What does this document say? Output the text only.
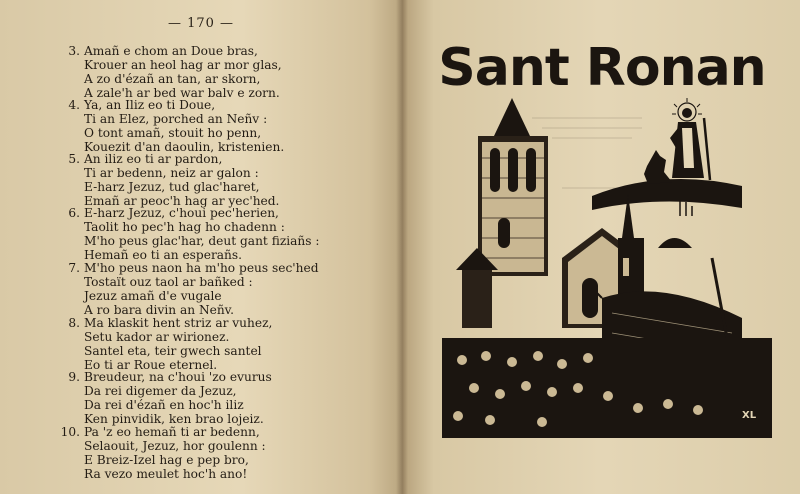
— 170 —
3. Amañ e chom an Doue bras,
Krouer an heol hag ar mor glas,
A zo d'ézañ an tan, ar skorn,
A zale'h ar bed war balv e zorn.
4. Ya, an Iliz eo ti Doue,
Ti an Elez, porched an Neñv :
O tont amañ, stouit ho penn,
Kouezit d'an daoulin, kristenien.
5. An iliz eo ti ar pardon,
Ti ar bedenn, neiz ar galon :
E-harz Jezuz, tud glac'haret,
Emañ ar peoc'h hag ar yec'hed.
6. E-harz Jezuz, c'houi pec'herien,
Taolit ho pec'h hag ho chadenn :
M'ho peus glac'har, deut gant fiziañs :
Hemañ eo ti an esperañs.
7. M'ho peus naon ha m'ho peus sec'hed
Tostaït ouz taol ar bañked :
Jezuz amañ d'e vugale
A ro bara divin an Neñv.
8. Ma klaskit hent striz ar vuhez,
Setu kador ar wirionez.
Santel eta, teir gwech santel
Eo ti ar Roue eternel.
9. Breudeur, na c'houi 'zo evurus
Da rei digemer da Jezuz,
Da rei d'ézañ en hoc'h iliz
Ken pinvidik, ken brao lojeiz.
10. Pa 'z eo hemañ ti ar bedenn,
Selaouit, Jezuz, hor goulenn :
E Breiz-Izel hag e pep bro,
Ra vezo meulet hoc'h ano!
Sant Ronan
XL
